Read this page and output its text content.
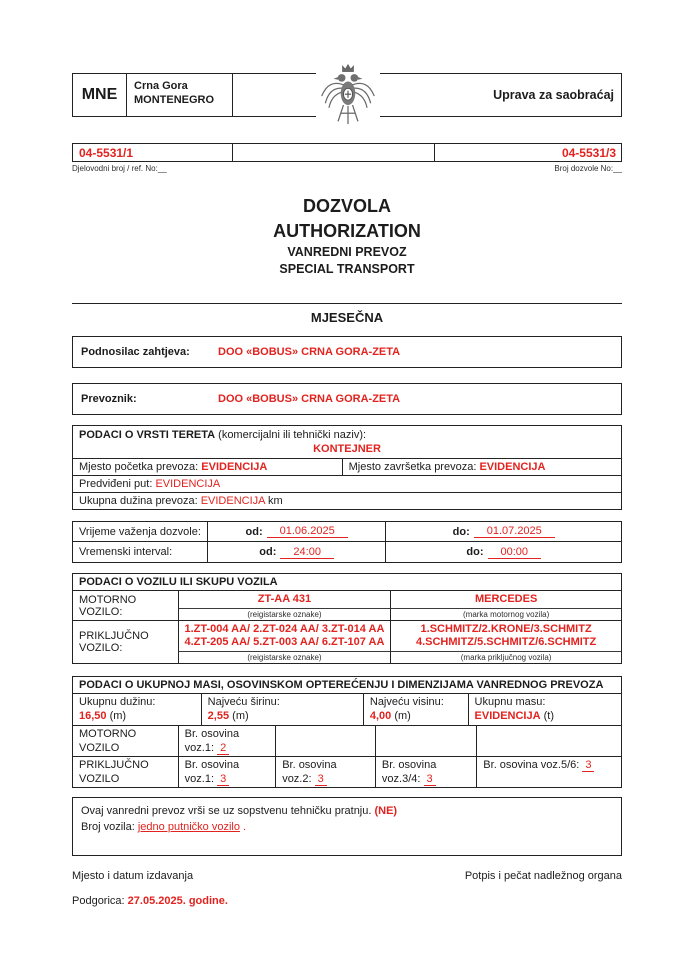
MNE	Crna Gora
MONTENEGRO	Uprava za saobraćaj
04-5531/1	04-5531/3
Djelovodni broj / ref. No:__	Broj dozvole No:__
DOZVOLA
AUTHORIZATION
VANREDNI PREVOZ
SPECIAL TRANSPORT
MJESEČNA
Podnosilac zahtjeva:	DOO «BOBUS» CRNA GORA-ZETA
Prevoznik:	DOO «BOBUS» CRNA GORA-ZETA
PODACI O VRSTI TERETA (komercijalni ili tehnički naziv):
KONTEJNER
Mjesto početka prevoza: EVIDENCIJA	Mjesto završetka prevoza: EVIDENCIJA
Predviđeni put: EVIDENCIJA
Ukupna dužina prevoza: EVIDENCIJA km
Vrijeme važenja dozvole:	od:	01.06.2025	do:	01.07.2025
Vremenski interval:	od:	24:00	do:	00:00
PODACI O VOZILU ILI SKUPU VOZILA
MOTORNO VOZILO:
ZT-AA 431	MERCEDES
(reigistarske oznake)	(marka motornog vozila)
PRIKLJUČNO VOZILO:
1.ZT-004 AA/ 2.ZT-024 AA/ 3.ZT-014 AA
4.ZT-205 AA/ 5.ZT-003 AA/ 6.ZT-107 AA
1.SCHMITZ/2.KRONE/3.SCHMITZ
4.SCHMITZ/5.SCHMITZ/6.SCHMITZ
(reigistarske oznake)	(marka priključnog vozila)
PODACI O UKUPNOJ MASI, OSOVINSKOM OPTEREĆENJU I DIMENZIJAMA VANREDNOG PREVOZA
Ukupnu dužinu:
16,50 (m)
Najveću širinu:
2,55 (m)
Najveću visinu:
4,00 (m)
Ukupnu masu:
EVIDENCIJA (t)
MOTORNO VOZILO
Br. osovina voz.1: 2
PRIKLJUČNO VOZILO
Br. osovina voz.1: 3
Br. osovina voz.2: 3
Br. osovina voz.3/4: 3
Br. osovina voz.5/6: 3
Ovaj vanredni prevoz vrši se uz sopstvenu tehničku pratnju. (NE)
Broj vozila: jedno putničko vozilo .
Mjesto i datum izdavanja	Potpis i pečat nadležnog organa
Podgorica: 27.05.2025. godine.
